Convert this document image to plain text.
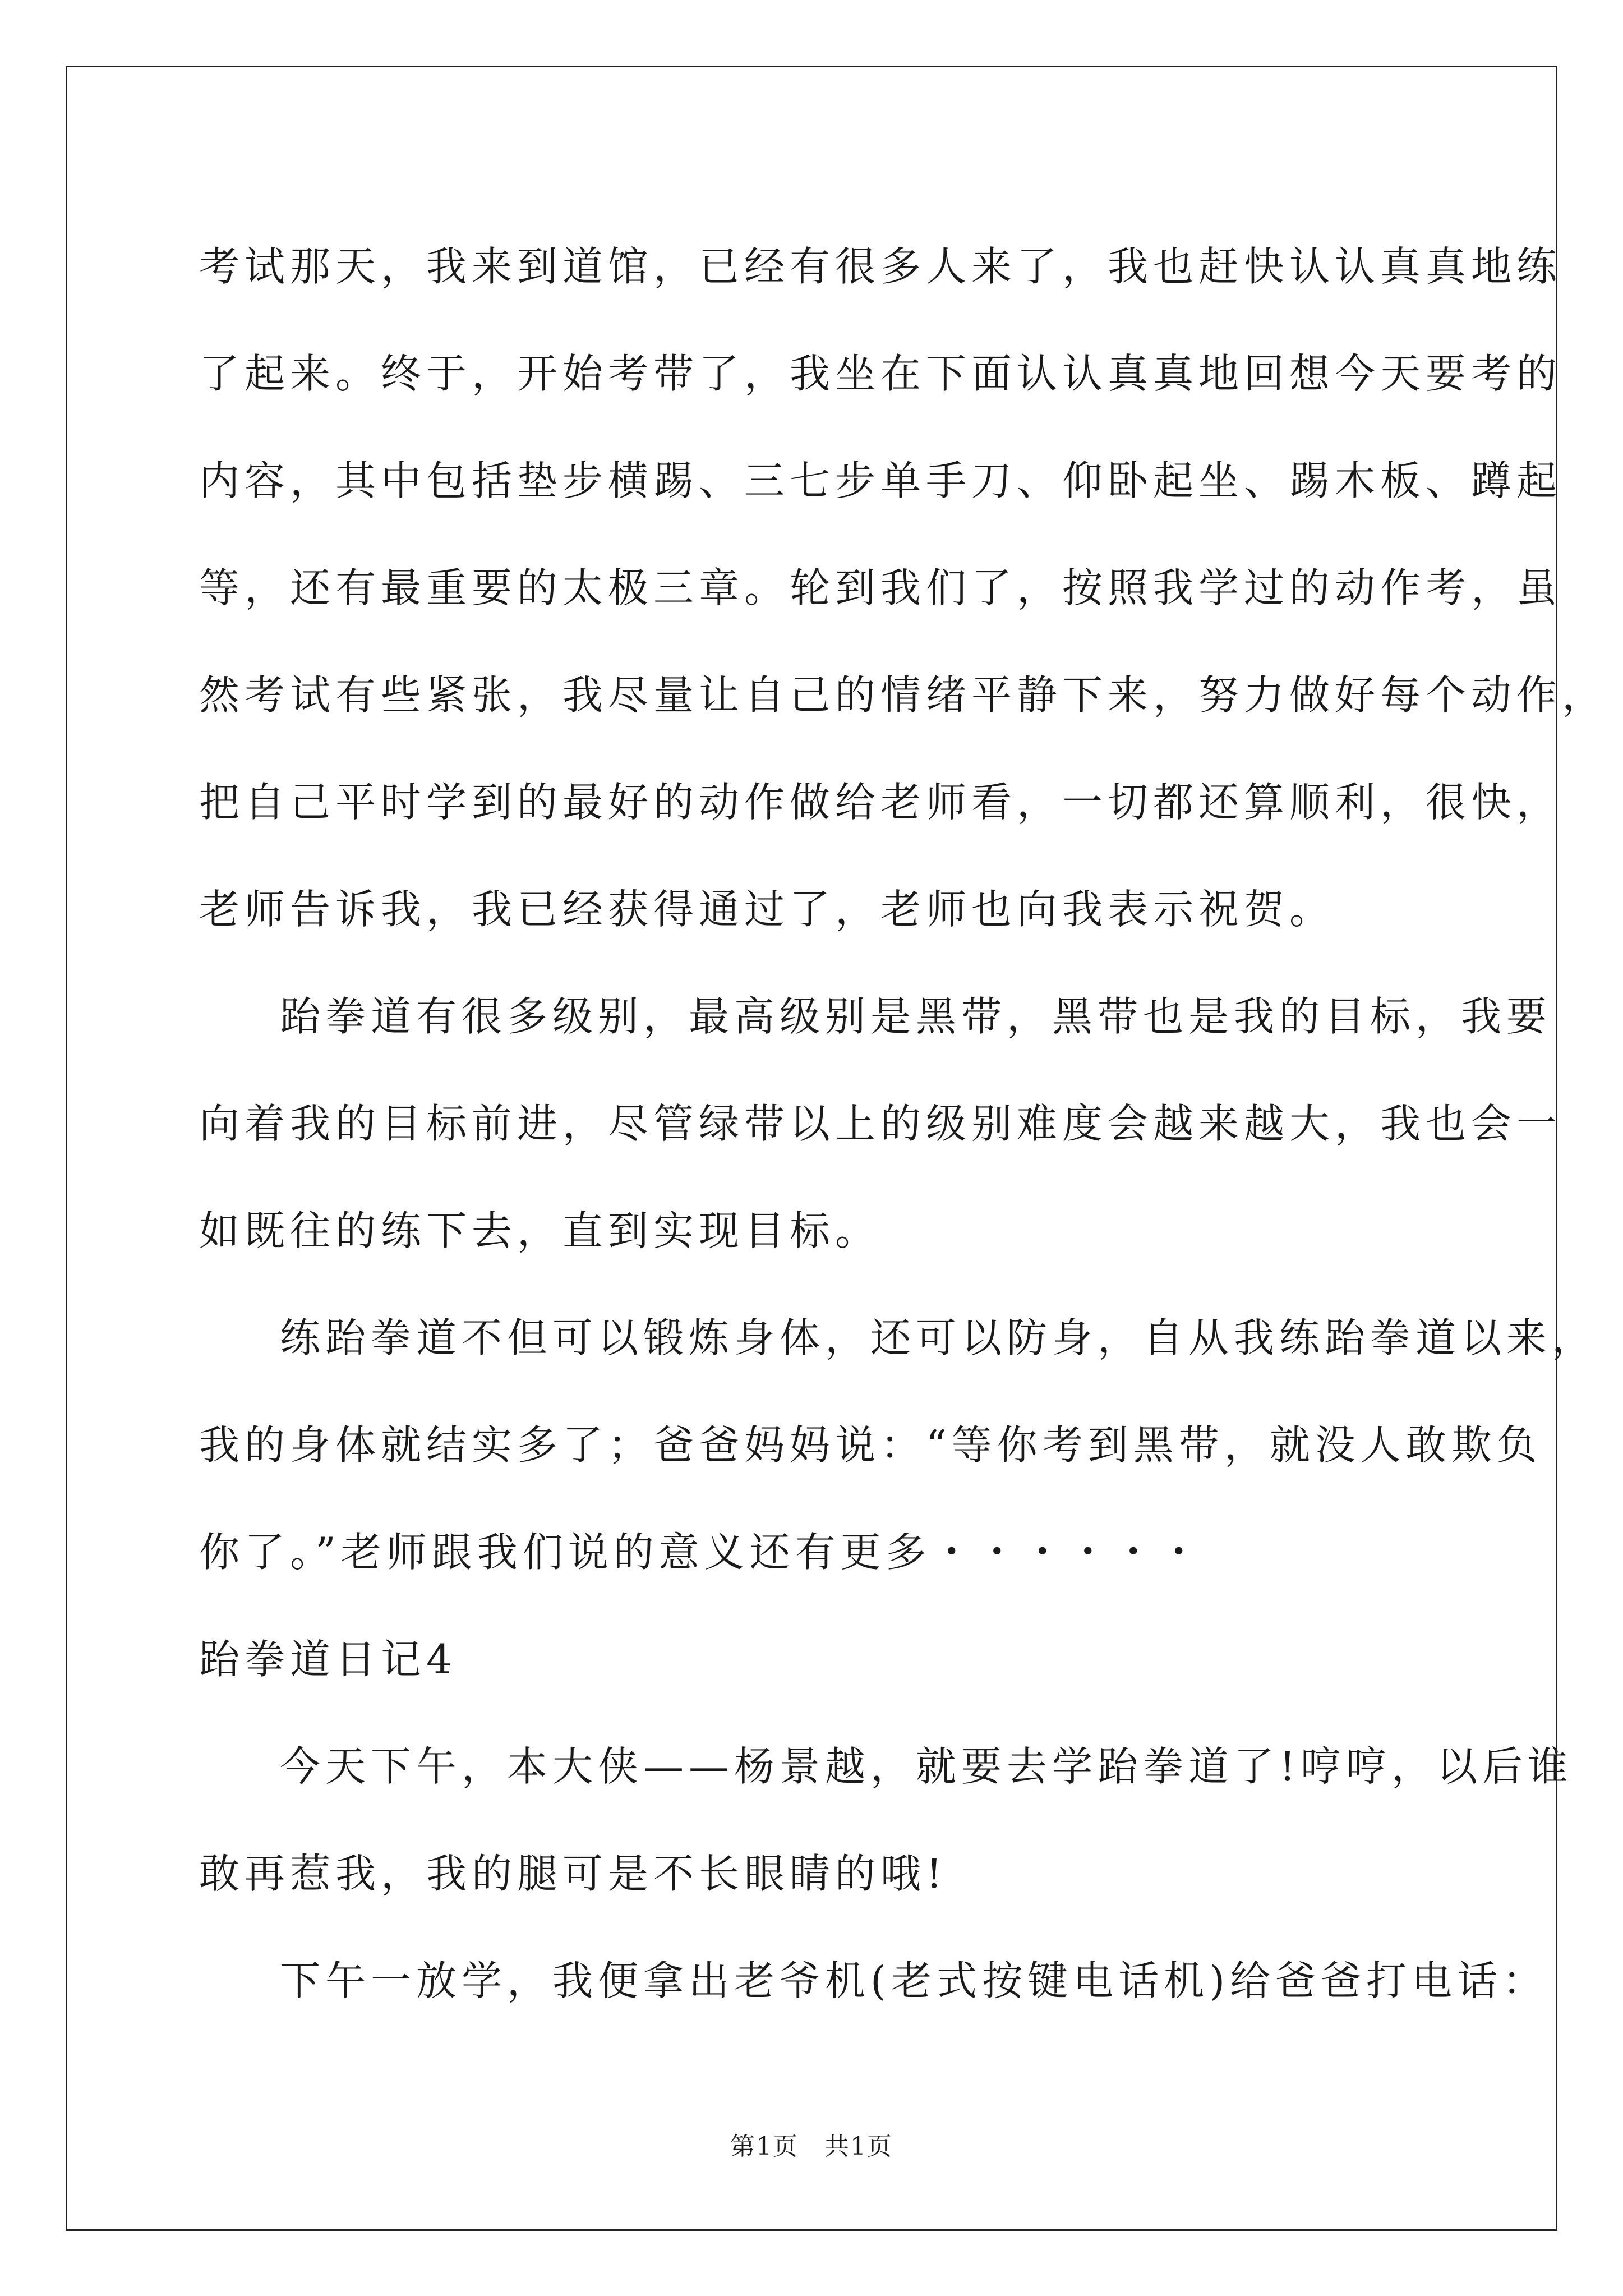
考试那天，我来到道馆，已经有很多人来了，我也赶快认认真真地练
了起来。终于，开始考带了，我坐在下面认认真真地回想今天要考的
内容，其中包括垫步横踢、三七步单手刀、仰卧起坐、踢木板、蹲起
等，还有最重要的太极三章。轮到我们了，按照我学过的动作考，虽
然考试有些紧张，我尽量让自己的情绪平静下来，努力做好每个动作，
把自己平时学到的最好的动作做给老师看，一切都还算顺利，很快，
老师告诉我，我已经获得通过了，老师也向我表示祝贺。
跆拳道有很多级别，最高级别是黑带，黑带也是我的目标，我要
向着我的目标前进，尽管绿带以上的级别难度会越来越大，我也会一
如既往的练下去，直到实现目标。
练跆拳道不但可以锻炼身体，还可以防身，自从我练跆拳道以来，
我的身体就结实多了；爸爸妈妈说：“等你考到黑带，就没人敢欺负
你了。”老师跟我们说的意义还有更多・・・・・・
跆拳道日记4
今天下午，本大侠——杨景越，就要去学跆拳道了!哼哼，以后谁
敢再惹我，我的腿可是不长眼睛的哦!
下午一放学，我便拿出老爷机(老式按键电话机)给爸爸打电话：
第1页　共1页
